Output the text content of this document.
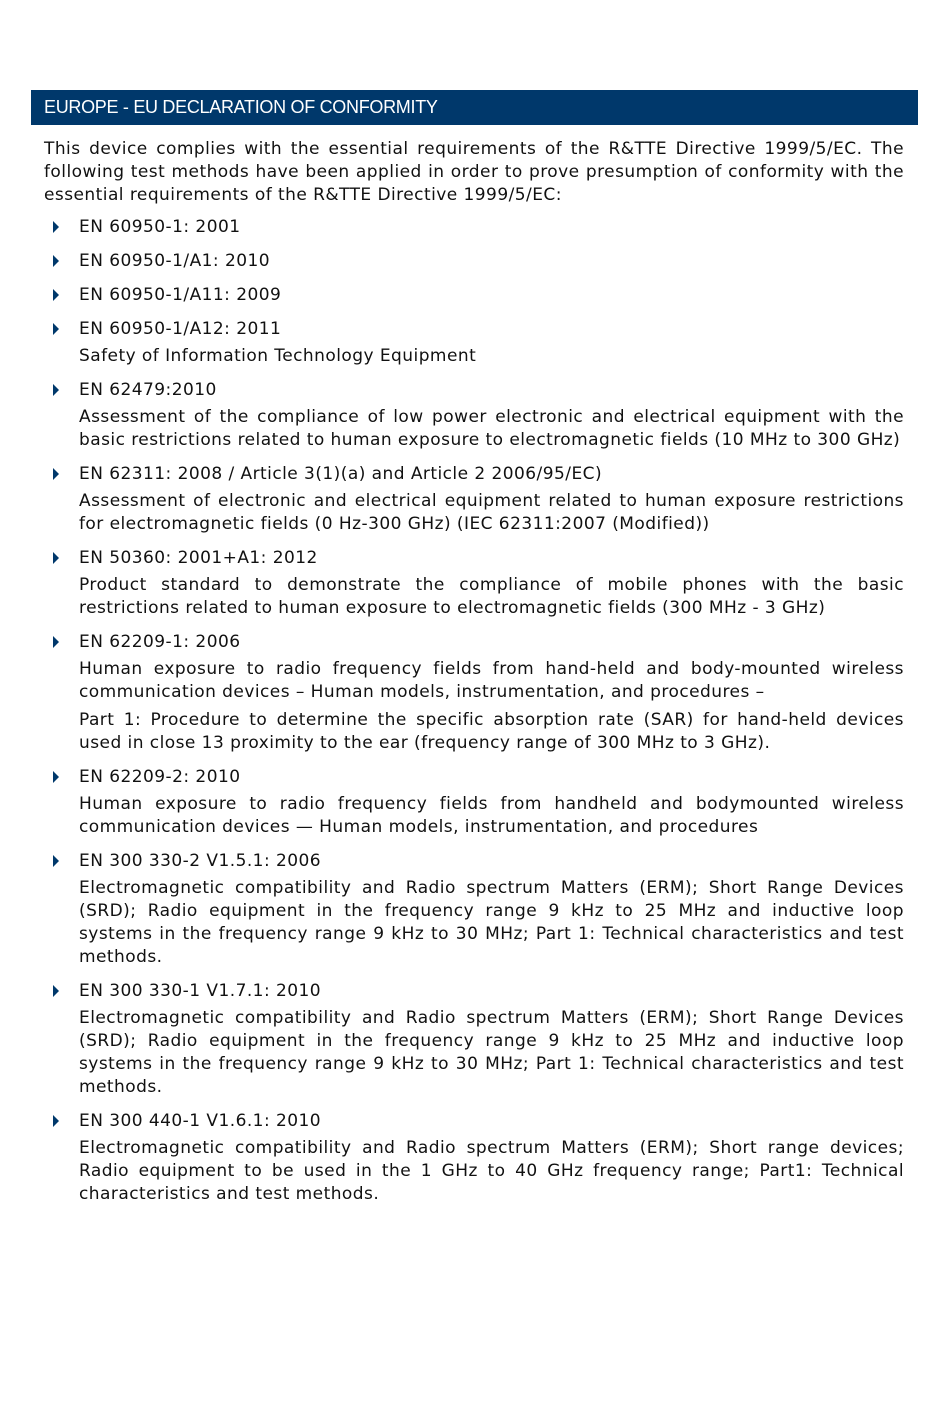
EUROPE - EU DECLARATION OF CONFORMITY

This device complies with the essential requirements of the R&TTE Directive 1999/5/EC. The following test methods have been applied in order to prove presumption of conformity with the essential requirements of the R&TTE Directive 1999/5/EC:

EN 60950-1: 2001
EN 60950-1/A1: 2010
EN 60950-1/A11: 2009
EN 60950-1/A12: 2011
Safety of Information Technology Equipment
EN 62479:2010
Assessment of the compliance of low power electronic and electrical equipment with the basic restrictions related to human exposure to electromagnetic fields (10 MHz to 300 GHz)
EN 62311: 2008 / Article 3(1)(a) and Article 2 2006/95/EC)
Assessment of electronic and electrical equipment related to human exposure restrictions for electromagnetic fields (0 Hz-300 GHz) (IEC 62311:2007 (Modified))
EN 50360: 2001+A1: 2012
Product standard to demonstrate the compliance of mobile phones with the basic restrictions related to human exposure to electromagnetic fields (300 MHz - 3 GHz)
EN 62209-1: 2006
Human exposure to radio frequency fields from hand-held and body-mounted wireless communication devices – Human models, instrumentation, and procedures –
Part 1: Procedure to determine the specific absorption rate (SAR) for hand-held devices used in close 13 proximity to the ear (frequency range of 300 MHz to 3 GHz).
EN 62209-2: 2010
Human exposure to radio frequency fields from handheld and bodymounted wireless communication devices — Human models, instrumentation, and procedures
EN 300 330-2 V1.5.1: 2006
Electromagnetic compatibility and Radio spectrum Matters (ERM); Short Range Devices (SRD); Radio equipment in the frequency range 9 kHz to 25 MHz and inductive loop systems in the frequency range 9 kHz to 30 MHz; Part 1: Technical characteristics and test methods.
EN 300 330-1 V1.7.1: 2010
Electromagnetic compatibility and Radio spectrum Matters (ERM); Short Range Devices (SRD); Radio equipment in the frequency range 9 kHz to 25 MHz and inductive loop systems in the frequency range 9 kHz to 30 MHz; Part 1: Technical characteristics and test methods.
EN 300 440-1 V1.6.1: 2010
Electromagnetic compatibility and Radio spectrum Matters (ERM); Short range devices; Radio equipment to be used in the 1 GHz to 40 GHz frequency range; Part1: Technical characteristics and test methods.
